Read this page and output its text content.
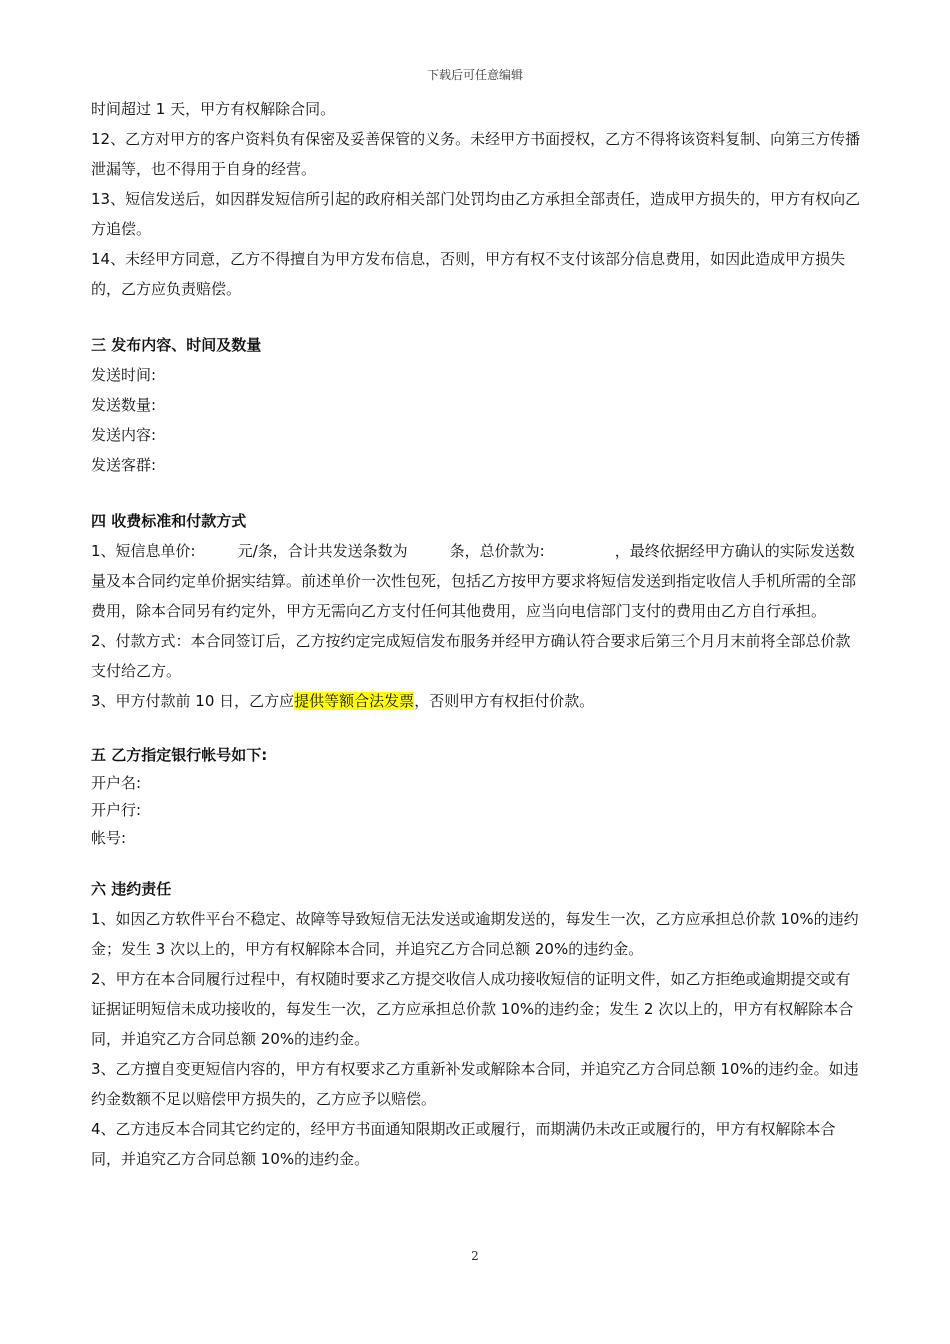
下载后可任意编辑

时间超过 1 天，甲方有权解除合同。

12、乙方对甲方的客户资料负有保密及妥善保管的义务。未经甲方书面授权，乙方不得将该资料复制、向第三方传播泄漏等，也不得用于自身的经营。

13、短信发送后，如因群发短信所引起的政府相关部门处罚均由乙方承担全部责任，造成甲方损失的，甲方有权向乙方追偿。

14、未经甲方同意，乙方不得擅自为甲方发布信息，否则，甲方有权不支付该部分信息费用，如因此造成甲方损失的，乙方应负责赔偿。

三 发布内容、时间及数量

发送时间:

发送数量:

发送内容:

发送客群:

四 收费标准和付款方式

1、短信息单价:	元/条，合计共发送条数为	条，总价款为:	，最终依据经甲方确认的实际发送数量及本合同约定单价据实结算。前述单价一次性包死，包括乙方按甲方要求将短信发送到指定收信人手机所需的全部费用，除本合同另有约定外，甲方无需向乙方支付任何其他费用，应当向电信部门支付的费用由乙方自行承担。

2、付款方式：本合同签订后，乙方按约定完成短信发布服务并经甲方确认符合要求后第三个月月末前将全部总价款支付给乙方。

3、甲方付款前 10 日，乙方应提供等额合法发票，否则甲方有权拒付价款。

五 乙方指定银行帐号如下:

开户名:

开户行:

帐号:

六 违约责任

1、如因乙方软件平台不稳定、故障等导致短信无法发送或逾期发送的，每发生一次，乙方应承担总价款 10%的违约金；发生 3 次以上的，甲方有权解除本合同，并追究乙方合同总额 20%的违约金。

2、甲方在本合同履行过程中，有权随时要求乙方提交收信人成功接收短信的证明文件，如乙方拒绝或逾期提交或有证据证明短信未成功接收的，每发生一次，乙方应承担总价款 10%的违约金；发生 2 次以上的，甲方有权解除本合同，并追究乙方合同总额 20%的违约金。

3、乙方擅自变更短信内容的，甲方有权要求乙方重新补发或解除本合同，并追究乙方合同总额 10%的违约金。如违约金数额不足以赔偿甲方损失的，乙方应予以赔偿。

4、乙方违反本合同其它约定的，经甲方书面通知限期改正或履行，而期满仍未改正或履行的，甲方有权解除本合同，并追究乙方合同总额 10%的违约金。

2
